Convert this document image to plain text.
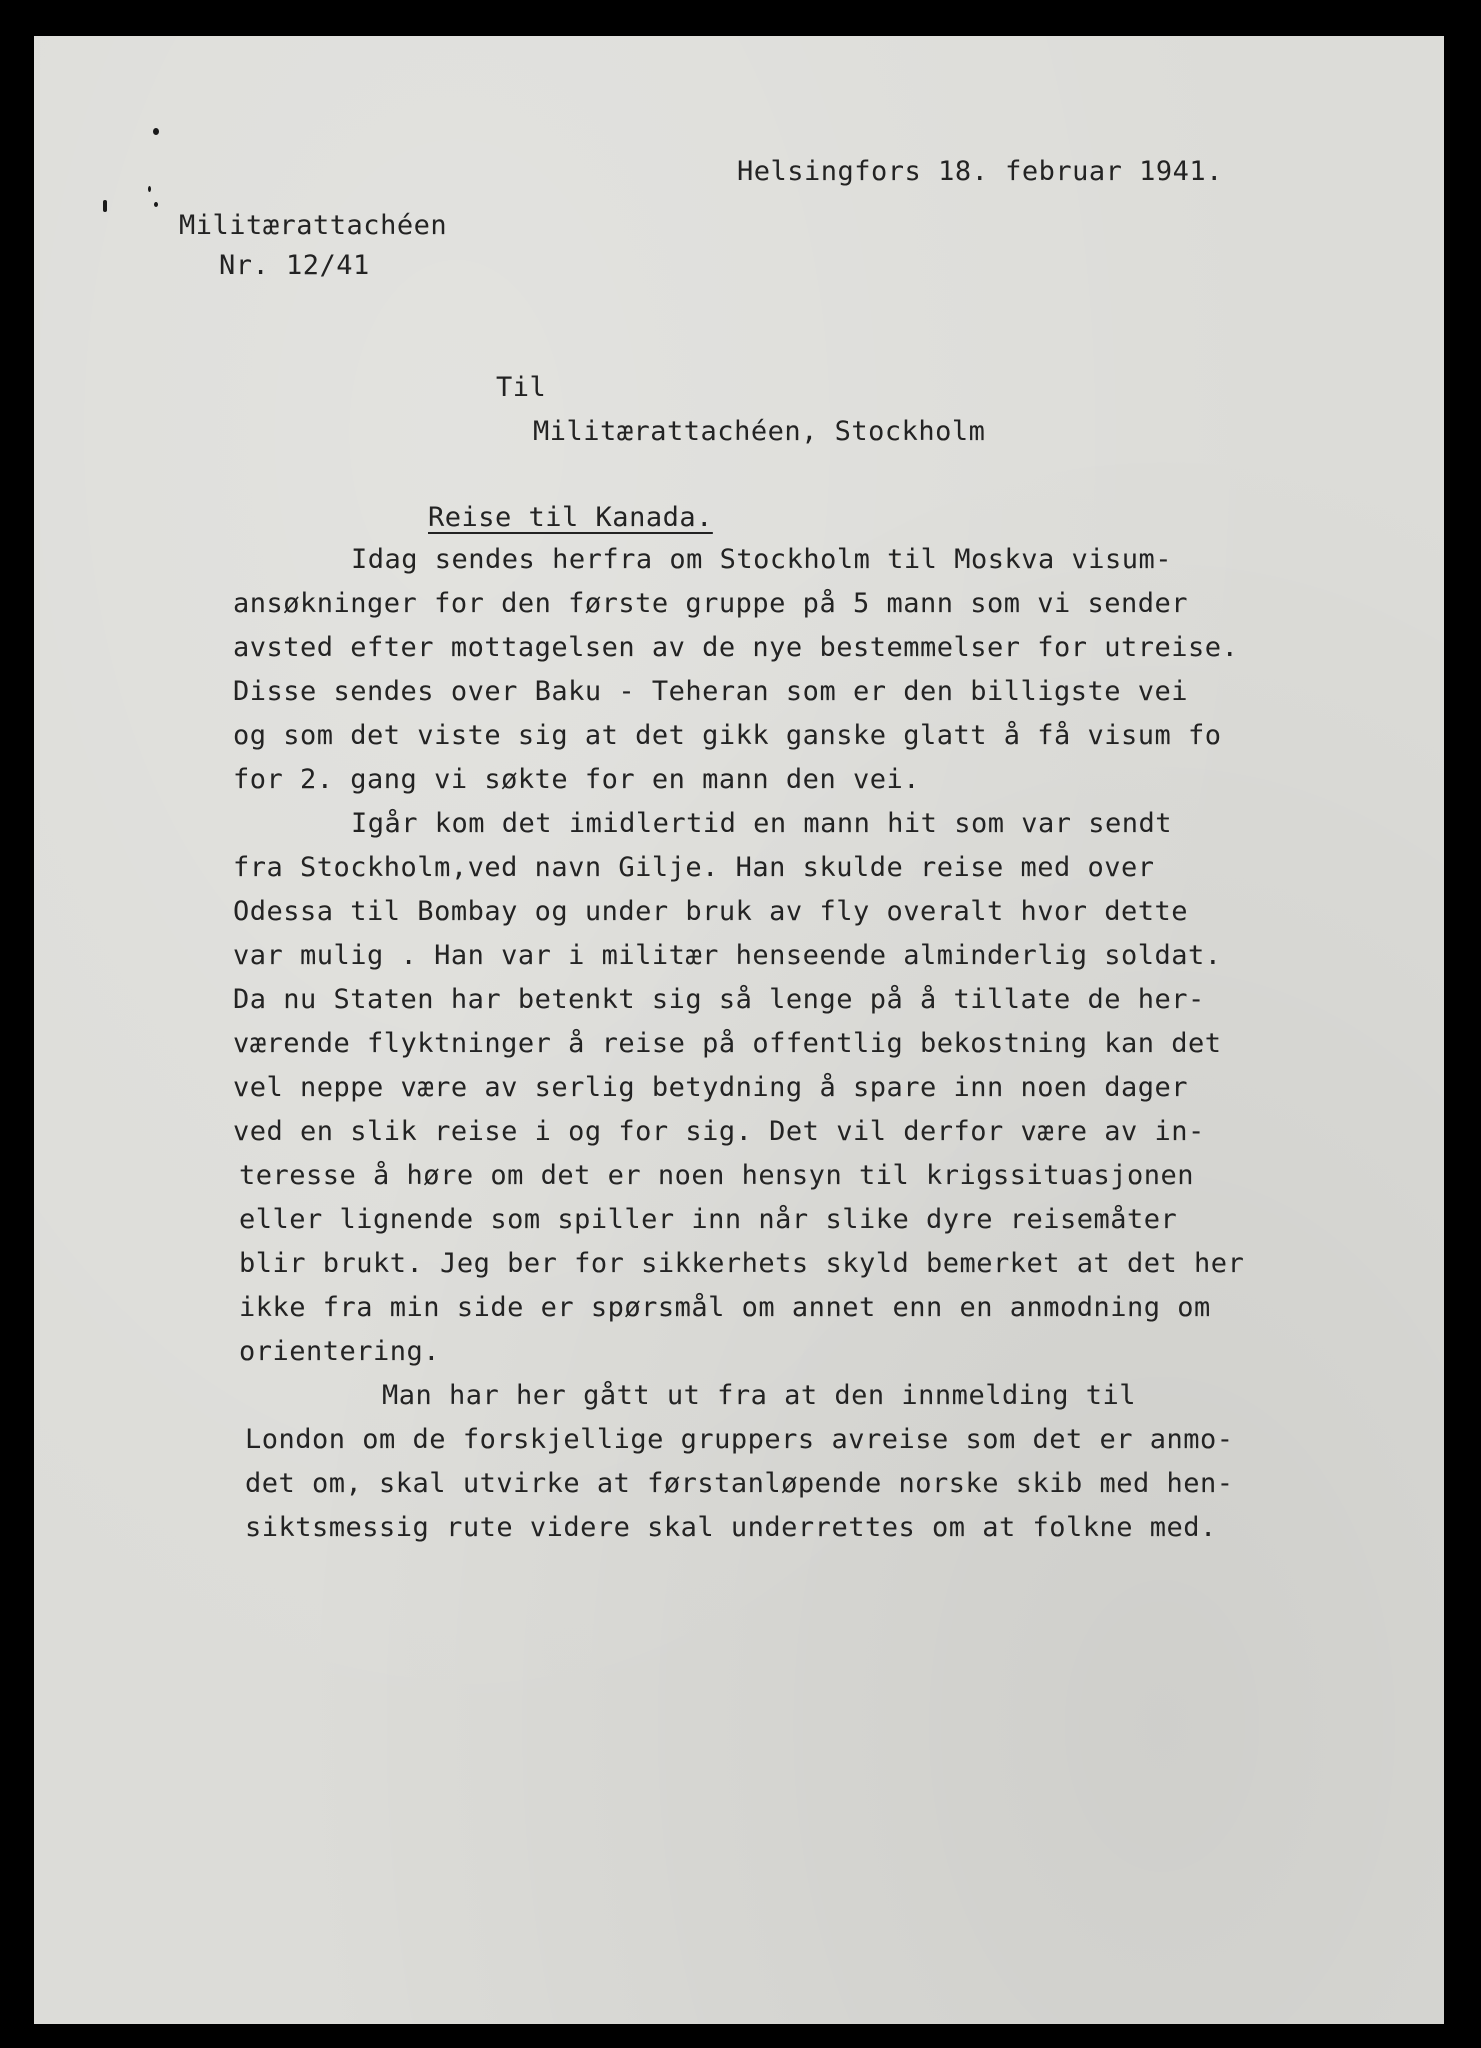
Helsingfors 18. februar 1941.
Militærattachéen
Nr. 12/41
Til
Militærattachéen, Stockholm
Reise til Kanada.
Idag sendes herfra om Stockholm til Moskva visum-
ansøkninger for den første gruppe på 5 mann som vi sender
avsted efter mottagelsen av de nye bestemmelser for utreise.
Disse sendes over Baku - Teheran som er den billigste vei
og som det viste sig at det gikk ganske glatt å få visum fo
for 2. gang vi søkte for en mann den vei.
Igår kom det imidlertid en mann hit som var sendt
fra Stockholm,ved navn Gilje. Han skulde reise med over
Odessa til Bombay og under bruk av fly overalt hvor dette
var mulig . Han var i militær henseende alminderlig soldat.
Da nu Staten har betenkt sig så lenge på å tillate de her-
værende flyktninger å reise på offentlig bekostning kan det
vel neppe være av serlig betydning å spare inn noen dager
ved en slik reise i og for sig. Det vil derfor være av in-
teresse å høre om det er noen hensyn til krigssituasjonen
eller lignende som spiller inn når slike dyre reisemåter
blir brukt. Jeg ber for sikkerhets skyld bemerket at det her
ikke fra min side er spørsmål om annet enn en anmodning om
orientering.
Man har her gått ut fra at den innmelding til
London om de forskjellige gruppers avreise som det er anmo-
det om, skal utvirke at førstanløpende norske skib med hen-
siktsmessig rute videre skal underrettes om at folkne med.
